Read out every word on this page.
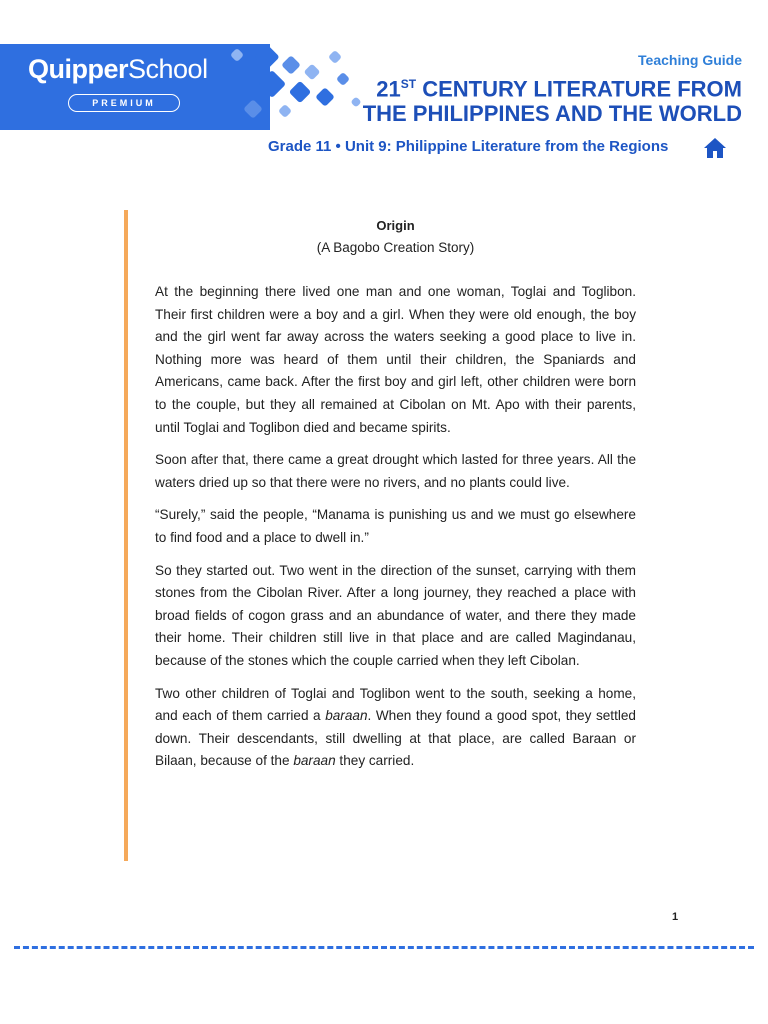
QuipperSchool
PREMIUM
Teaching Guide
21ST CENTURY LITERATURE FROM
THE PHILIPPINES AND THE WORLD
Grade 11 • Unit 9: Philippine Literature from the Regions

Origin

(A Bagobo Creation Story)

At the beginning there lived one man and one woman, Toglai and Toglibon. Their first children were a boy and a girl. When they were old enough, the boy and the girl went far away across the waters seeking a good place to live in. Nothing more was heard of them until their children, the Spaniards and Americans, came back. After the first boy and girl left, other children were born to the couple, but they all remained at Cibolan on Mt. Apo with their parents, until Toglai and Toglibon died and became spirits.

Soon after that, there came a great drought which lasted for three years. All the waters dried up so that there were no rivers, and no plants could live.

“Surely,” said the people, “Manama is punishing us and we must go elsewhere to find food and a place to dwell in.”

So they started out. Two went in the direction of the sunset, carrying with them stones from the Cibolan River. After a long journey, they reached a place with broad fields of cogon grass and an abundance of water, and there they made their home. Their children still live in that place and are called Magindanau, because of the stones which the couple carried when they left Cibolan.

Two other children of Toglai and Toglibon went to the south, seeking a home, and each of them carried a baraan. When they found a good spot, they settled down. Their descendants, still dwelling at that place, are called Baraan or Bilaan, because of the baraan they carried.

1
